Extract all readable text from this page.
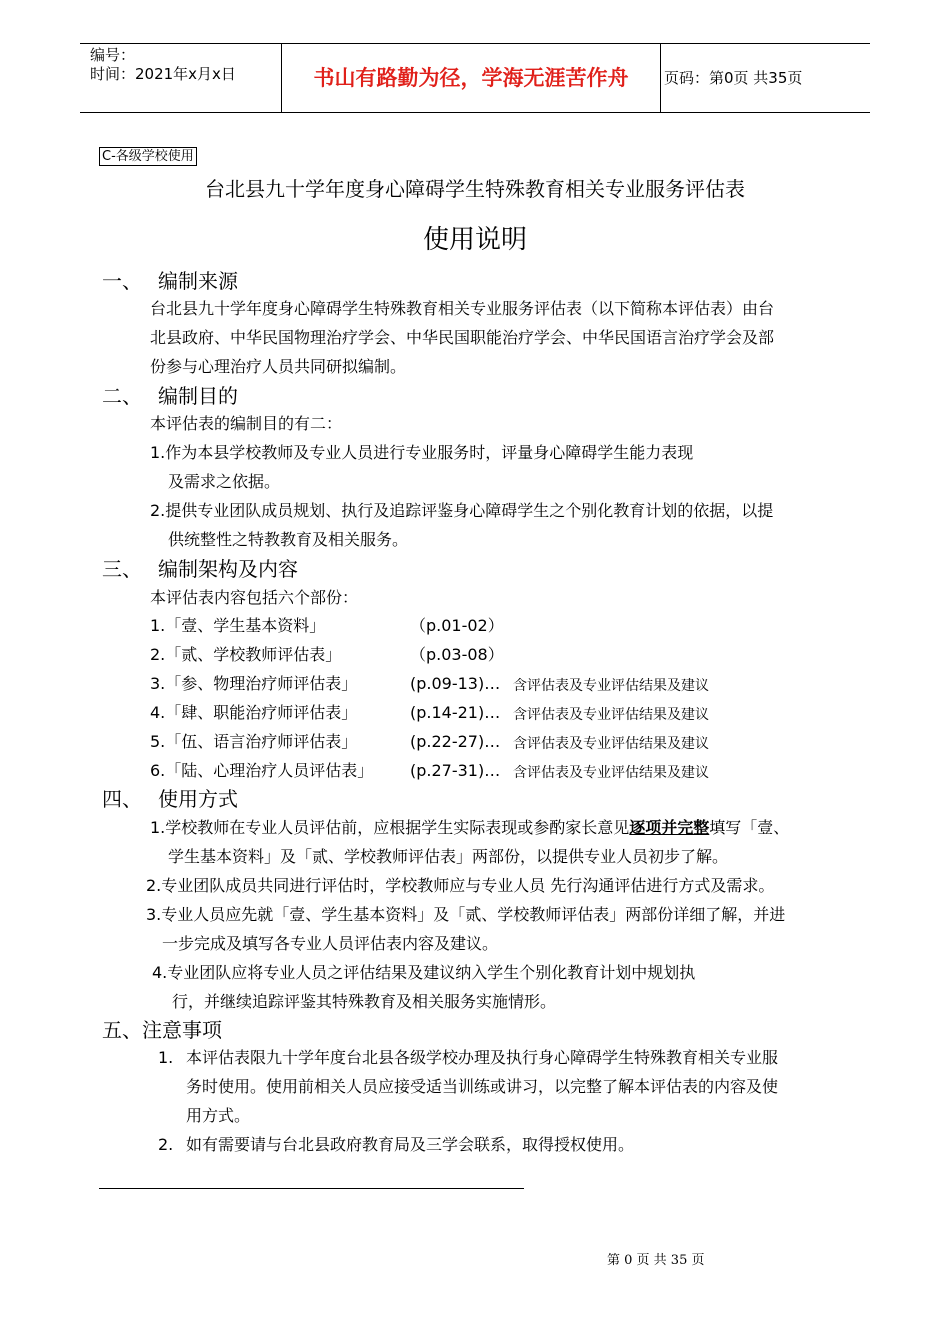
编号：
时间：2021年x月x日	书山有路勤为径，学海无涯苦作舟	页码：第0页 共35页
C-各级学校使用
台北县九十学年度身心障碍学生特殊教育相关专业服务评估表
使用说明
一、 编制来源
台北县九十学年度身心障碍学生特殊教育相关专业服务评估表（以下简称本评估表）由台
北县政府、中华民国物理治疗学会、中华民国职能治疗学会、中华民国语言治疗学会及部
份参与心理治疗人员共同研拟编制。
二、 编制目的
本评估表的编制目的有二：
1.作为本县学校教师及专业人员进行专业服务时，评量身心障碍学生能力表现
及需求之依据。
2.提供专业团队成员规划、执行及追踪评鉴身心障碍学生之个别化教育计划的依据，以提
供统整性之特教教育及相关服务。
三、 编制架构及内容
本评估表内容包括六个部份：
1.「壹、学生基本资料」	（p.01-02）
2.「贰、学校教师评估表」	（p.03-08）
3.「参、物理治疗师评估表」	(p.09-13)… 含评估表及专业评估结果及建议
4.「肆、职能治疗师评估表」	(p.14-21)… 含评估表及专业评估结果及建议
5.「伍、语言治疗师评估表」	(p.22-27)… 含评估表及专业评估结果及建议
6.「陆、心理治疗人员评估表」 (p.27-31)… 含评估表及专业评估结果及建议
四、 使用方式
1.学校教师在专业人员评估前，应根据学生实际表现或参酌家长意见逐项并完整填写「壹、
学生基本资料」及「贰、学校教师评估表」两部份，以提供专业人员初步了解。
2.专业团队成员共同进行评估时，学校教师应与专业人员 先行沟通评估进行方式及需求。
3.专业人员应先就「壹、学生基本资料」及「贰、学校教师评估表」两部份详细了解，并进
一步完成及填写各专业人员评估表内容及建议。
4.专业团队应将专业人员之评估结果及建议纳入学生个别化教育计划中规划执
行，并继续追踪评鉴其特殊教育及相关服务实施情形。
五、注意事项
1. 本评估表限九十学年度台北县各级学校办理及执行身心障碍学生特殊教育相关专业服
务时使用。使用前相关人员应接受适当训练或讲习，以完整了解本评估表的内容及使
用方式。
2. 如有需要请与台北县政府教育局及三学会联系，取得授权使用。
第 0 页 共 35 页
